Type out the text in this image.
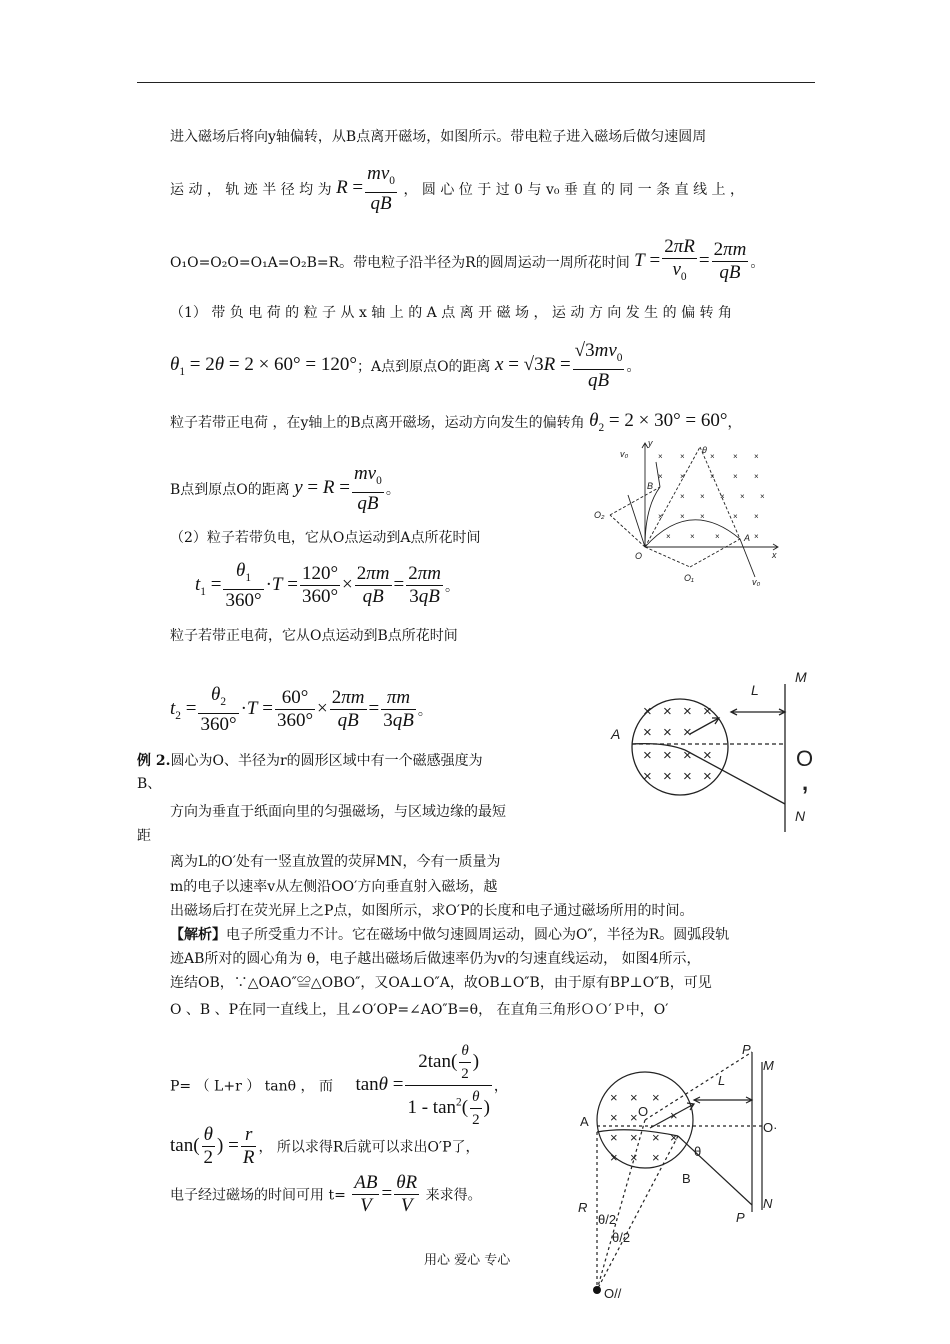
进入磁场后将向y轴偏转，从B点离开磁场，如图所示。带电粒子进入磁场后做匀速圆周
运 动 ， 轨 迹 半 径 均 为 $R = \frac{mv_0}{qB}$ ， 圆 心 位 于 过 0 与 v₀ 垂 直 的 同 一 条 直 线 上 ，
O₁O=O₂O=O₁A=O₂B=R。带电粒子沿半径为R的圆周运动一周所花时间 $T = \frac{2\pi R}{v_0} = \frac{2\pi m}{qB}$ 。
（1） 带 负 电 荷 的 粒 子 从 x 轴 上 的 A 点 离 开 磁 场 ， 运 动 方 向 发 生 的 偏 转 角
$\theta_1 = 2\theta = 2 \times 60^\circ = 120^\circ$；A点到原点O的距离 $x = √3R = \frac{√3mv_0}{qB}$ 。
粒子若带正电荷 ，在y轴上的B点离开磁场，运动方向发生的偏转角 $\theta_2 = 2 \times 30^\circ = 60^\circ$，
B点到原点O的距离 $y = R = \frac{mv_0}{qB}$ 。
（2）粒子若带负电，它从O点运动到A点所花时间
$t_1 = \frac{\theta_1}{360^\circ} \cdot T = \frac{120^\circ}{360^\circ} \times \frac{2\pi m}{qB} = \frac{2\pi m}{3qB}$ 。
粒子若带正电荷，它从O点运动到B点所花时间
$t_2 = \frac{\theta_2}{360^\circ} \cdot T = \frac{60^\circ}{360^\circ} \times \frac{2\pi m}{qB} = \frac{\pi m}{3qB}$ 。
例 2.圆心为O、半径为r的圆形区域中有一个磁感强度为
B、
方向为垂直于纸面向里的匀强磁场，与区域边缘的最短
距
离为L的O′处有一竖直放置的荧屏MN，今有一质量为
m的电子以速率v从左侧沿OO′方向垂直射入磁场，越
出磁场后打在荧光屏上之P点，如图所示，求O′P的长度和电子通过磁场所用的时间。
【解析】电子所受重力不计。它在磁场中做匀速圆周运动，圆心为O″，半径为R。圆弧段轨
迹AB所对的圆心角为 θ，电子越出磁场后做速率仍为v的匀速直线运动， 如图4所示，
连结OB，∵△OAO″≌△OBO″，又OA⊥O″A，故OB⊥O″B，由于原有BP⊥O″B，可见
O 、B 、P在同一直线上，且∠O′OP=∠AO″B=θ， 在直角三角形ＯＯ′Ｐ中，O′
P= （ L+r ） tanθ ， 而 $\tan\theta = \frac{2\tan( \frac{\theta}{2} )}{1 - \tan^2( \frac{\theta}{2} )}$ ，
$\tan( \frac{\theta}{2}$ ) = $\frac{r}{R}$ ， 所以求得R后就可以求出O′P了，
电子经过磁场的时间可用 $t= \frac{AB}{V} = \frac{\theta R}{V}$ 来求得。
用心 爱心 专心
× ×	× × ×
× ×	× × ×
× × × × ×
× × ×	× ×
× ×	×	×
y
x
O
A
B
O₁
O₂
θ
v₀
v₀
× × × ×
× × ×
× × × ×
× × × ×
M
L
A
O
,
N
× × ×
× × ×
× × × ×
× × ×
P
M
L
A
O
O·
θ
B
N
P
R
θ/2
θ/2
O//
